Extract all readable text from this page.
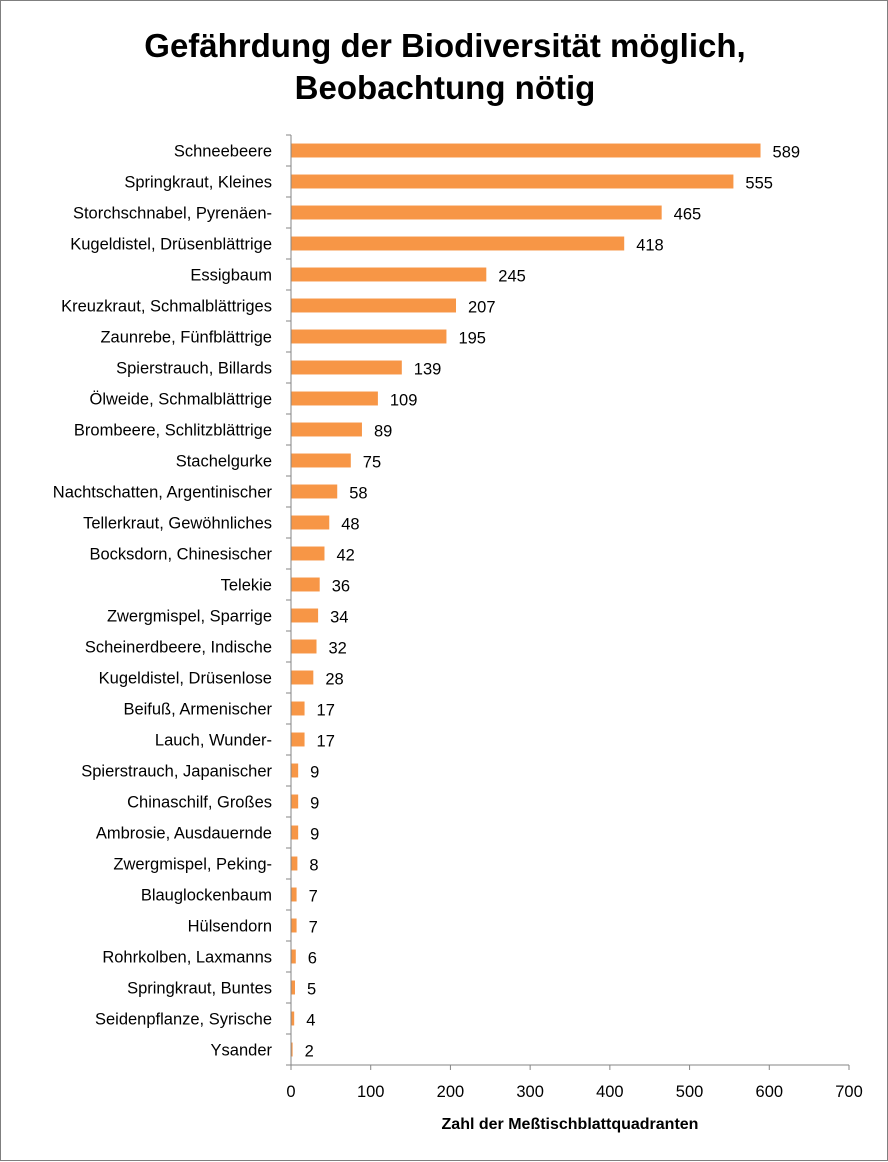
Gefährdung der Biodiversität möglich,
Beobachtung nötig
589
555
465
418
245
207
195
139
109
89
75
58
48
42
36
34
32
28
17
17
9
9
9
8
7
7
6
5
4
2
Schneebeere
Springkraut, Kleines
Storchschnabel, Pyrenäen-
Kugeldistel, Drüsenblättrige
Essigbaum
Kreuzkraut, Schmalblättriges
Zaunrebe, Fünfblättrige
Spierstrauch, Billards
Ölweide, Schmalblättrige
Brombeere, Schlitzblättrige
Stachelgurke
Nachtschatten, Argentinischer
Tellerkraut, Gewöhnliches
Bocksdorn, Chinesischer
Telekie
Zwergmispel, Sparrige
Scheinerdbeere, Indische
Kugeldistel, Drüsenlose
Beifuß, Armenischer
Lauch, Wunder-
Spierstrauch, Japanischer
Chinaschilf, Großes
Ambrosie, Ausdauernde
Zwergmispel, Peking-
Blauglockenbaum
Hülsendorn
Rohrkolben, Laxmanns
Springkraut, Buntes
Seidenpflanze, Syrische
Ysander
0	100	200	300	400	500	600	700
Zahl der Meßtischblattquadranten
